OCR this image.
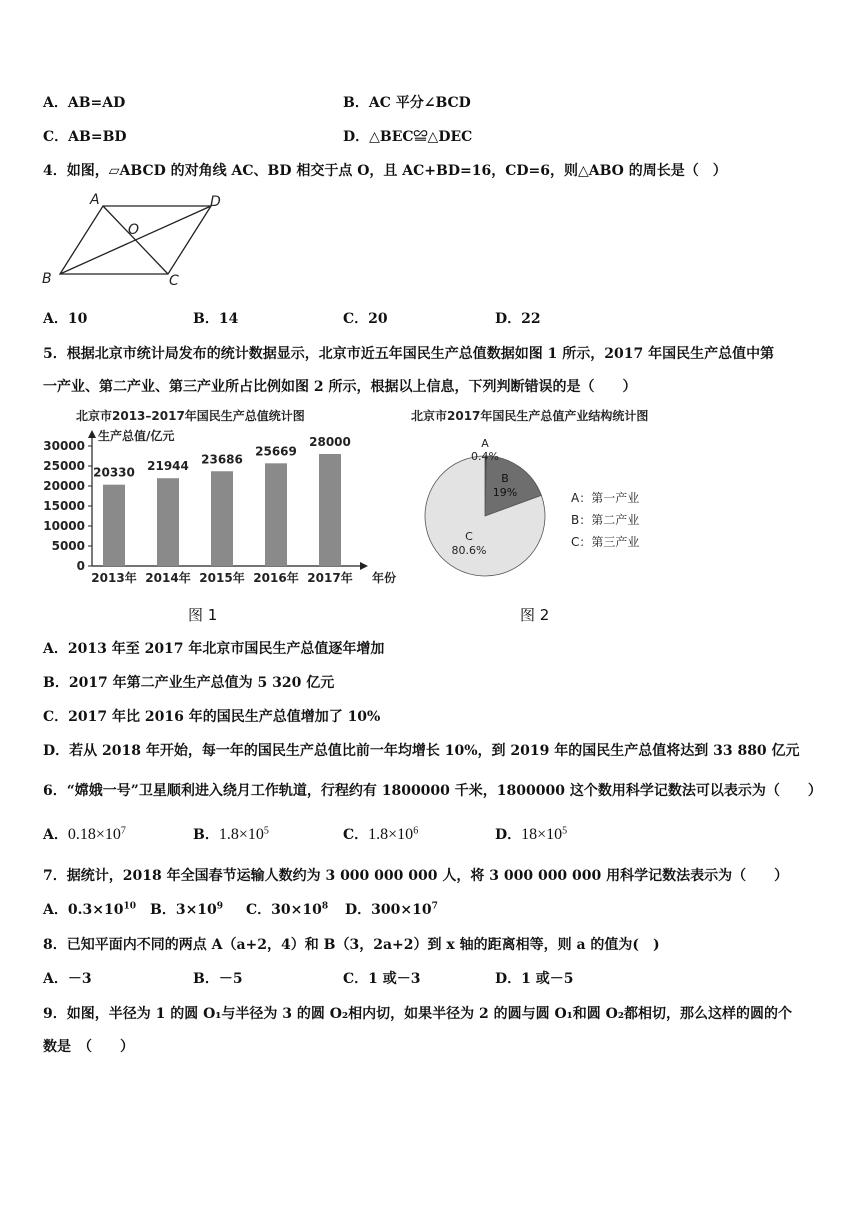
A．AB=AD	B．AC 平分∠BCD
C．AB=BD	D．△BEC≌△DEC
4．如图，▱ABCD 的对角线 AC、BD 相交于点 O，且 AC+BD=16，CD=6，则△ABO 的周长是（　）
A
B	C
D
O
A．10	B．14	C．20	D．22
5．根据北京市统计局发布的统计数据显示，北京市近五年国民生产总值数据如图 1 所示，2017 年国民生产总值中第
一产业、第二产业、第三产业所占比例如图 2 所示，根据以上信息，下列判断错误的是（　　）
北京市2013–2017年国民生产总值统计图
生产总值/亿元
年份
0
5000
10000
15000
20000
25000
30000
20330
2013年
21944
2014年
23686
2015年
25669
2016年
28000
2017年
北京市2017年国民生产总值产业结构统计图
A
0.4%
B
19%
C
80.6%
A：第一产业
B：第二产业
C：第三产业
图 1	图 2
A．2013 年至 2017 年北京市国民生产总值逐年增加
B．2017 年第二产业生产总值为 5 320 亿元
C．2017 年比 2016 年的国民生产总值增加了 10%
D．若从 2018 年开始，每一年的国民生产总值比前一年均增长 10%，到 2019 年的国民生产总值将达到 33 880 亿元
6．“嫦娥一号”卫星顺利进入绕月工作轨道，行程约有 1800000 千米，1800000 这个数用科学记数法可以表示为（　　）
A．$0.18\times 10^7$	B．$1.8\times 10^5$	C．$1.8\times 10^6$	D．$18\times 10^5$
7．据统计，2018 年全国春节运输人数约为 3 000 000 000 人，将 3 000 000 000 用科学记数法表示为（　　）
A．$0.3\times 10^{10}$ B．$3\times 10^9$ C．$30\times 10^8$ D．$300\times 10^7$
8．已知平面内不同的两点 A（a+2，4）和 B（3，2a+2）到 x 轴的距离相等，则 a 的值为(　)
A．－3	B．－5	C．1 或－3	D．1 或－5
9．如图，半径为 1 的圆 O₁与半径为 3 的圆 O₂相内切，如果半径为 2 的圆与圆 O₁和圆 O₂都相切，那么这样的圆的个
数是　（　　）
